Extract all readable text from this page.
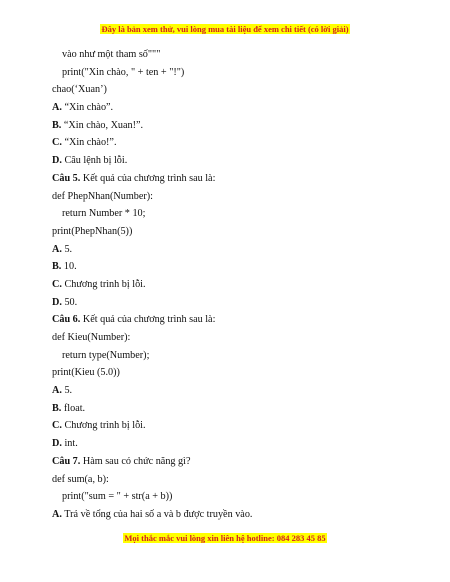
Đây là bản xem thử, vui lòng mua tài liệu để xem chi tiết (có lời giải)
vào như một tham số"""
print("Xin chào, " + ten + "!")
chao(‘Xuan’)
A. “Xin chào”.
B. “Xin chào, Xuan!”.
C. “Xin chào!”.
D. Câu lệnh bị lỗi.
Câu 5. Kết quả của chương trình sau là:
def PhepNhan(Number):
return Number * 10;
print(PhepNhan(5))
A. 5.
B. 10.
C. Chương trình bị lỗi.
D. 50.
Câu 6. Kết quả của chương trình sau là:
def Kieu(Number):
return type(Number);
print(Kieu (5.0))
A. 5.
B. float.
C. Chương trình bị lỗi.
D. int.
Câu 7. Hàm sau có chức năng gì?
def sum(a, b):
print("sum = " + str(a + b))
A. Trả về tổng của hai số a và b được truyền vào.
Mọi thắc mắc vui lòng xin liên hệ hotline: 084 283 45 85
